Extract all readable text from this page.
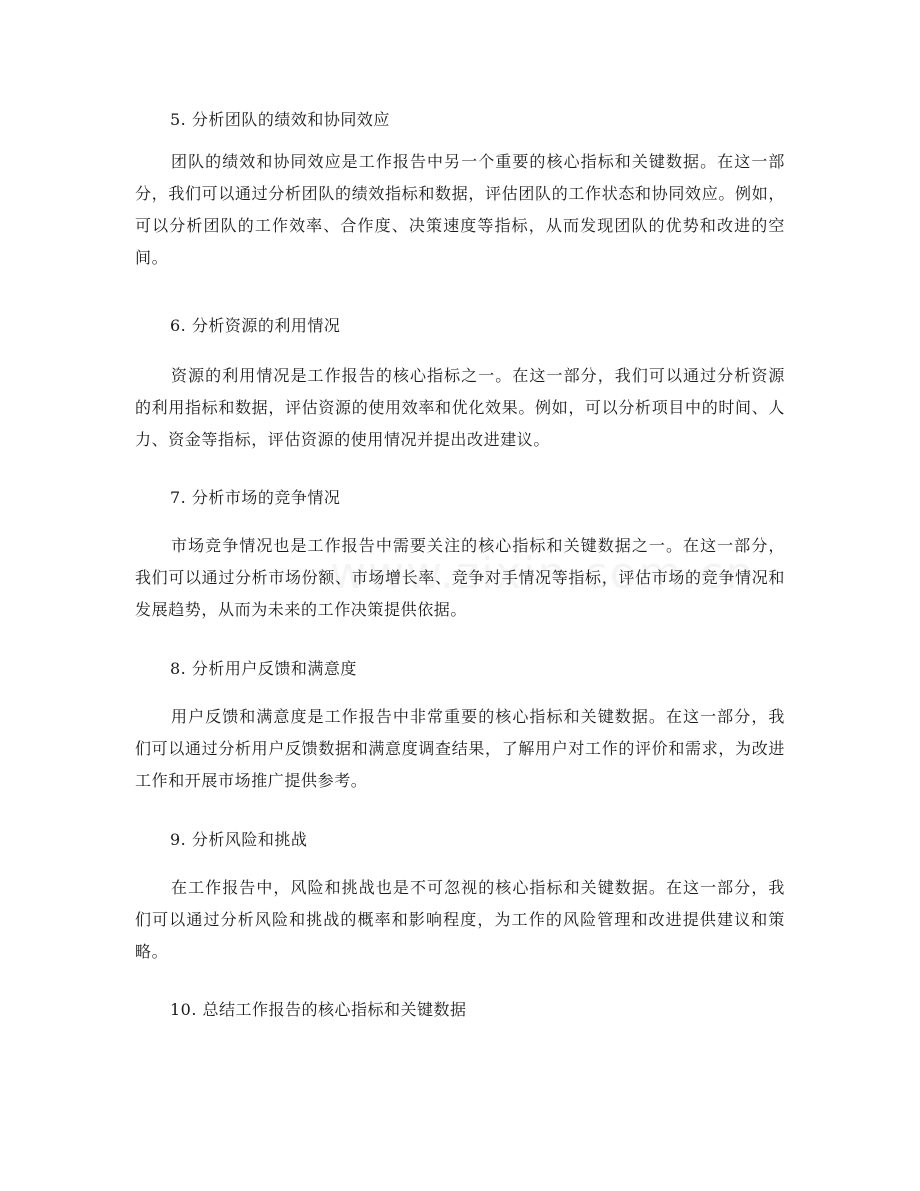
5. 分析团队的绩效和协同效应
团队的绩效和协同效应是工作报告中另一个重要的核心指标和关键数据。在这一部分，我们可以通过分析团队的绩效指标和数据，评估团队的工作状态和协同效应。例如，可以分析团队的工作效率、合作度、决策速度等指标，从而发现团队的优势和改进的空间。
6. 分析资源的利用情况
资源的利用情况是工作报告的核心指标之一。在这一部分，我们可以通过分析资源的利用指标和数据，评估资源的使用效率和优化效果。例如，可以分析项目中的时间、人力、资金等指标，评估资源的使用情况并提出改进建议。
7. 分析市场的竞争情况
市场竞争情况也是工作报告中需要关注的核心指标和关键数据之一。在这一部分，我们可以通过分析市场份额、市场增长率、竞争对手情况等指标，评估市场的竞争情况和发展趋势，从而为未来的工作决策提供依据。
8. 分析用户反馈和满意度
用户反馈和满意度是工作报告中非常重要的核心指标和关键数据。在这一部分，我们可以通过分析用户反馈数据和满意度调查结果，了解用户对工作的评价和需求，为改进工作和开展市场推广提供参考。
9. 分析风险和挑战
在工作报告中，风险和挑战也是不可忽视的核心指标和关键数据。在这一部分，我们可以通过分析风险和挑战的概率和影响程度，为工作的风险管理和改进提供建议和策略。
10. 总结工作报告的核心指标和关键数据
